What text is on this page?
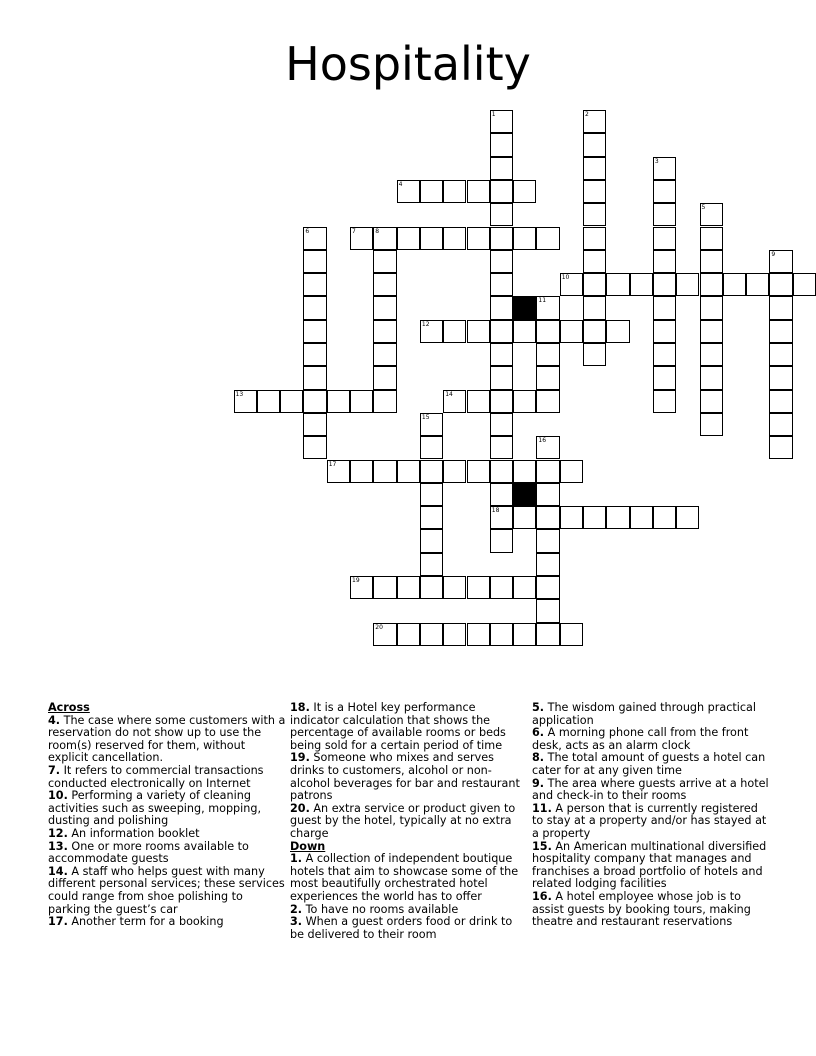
Hospitality
1
18
2
3
4
5
6	7	8
9
10
11
12
13	14
15
16
17
19
20

Across

4. The case where some customers with a reservation do not show up to use the room(s) reserved for them, without explicit cancellation.

7. It refers to commercial transactions conducted electronically on Internet

10. Performing a variety of cleaning activities such as sweeping, mopping, dusting and polishing

12. An information booklet

13. One or more rooms available to accommodate guests

14. A staff who helps guest with many different personal services; these services could range from shoe polishing to parking the guest’s car

17. Another term for a booking

18. It is a Hotel key performance indicator calculation that shows the percentage of available rooms or beds being sold for a certain period of time

19. Someone who mixes and serves drinks to customers, alcohol or non-alcohol beverages for bar and restaurant patrons

20. An extra service or product given to guest by the hotel, typically at no extra charge

Down

1. A collection of independent boutique hotels that aim to showcase some of the most beautifully orchestrated hotel experiences the world has to offer

2. To have no rooms available

3. When a guest orders food or drink to be delivered to their room

5. The wisdom gained through practical application

6. A morning phone call from the front desk, acts as an alarm clock

8. The total amount of guests a hotel can cater for at any given time

9. The area where guests arrive at a hotel and check-in to their rooms

11. A person that is currently registered to stay at a property and/or has stayed at a property

15. An American multinational diversified hospitality company that manages and franchises a broad portfolio of hotels and related lodging facilities

16. A hotel employee whose job is to assist guests by booking tours, making theatre and restaurant reservations
